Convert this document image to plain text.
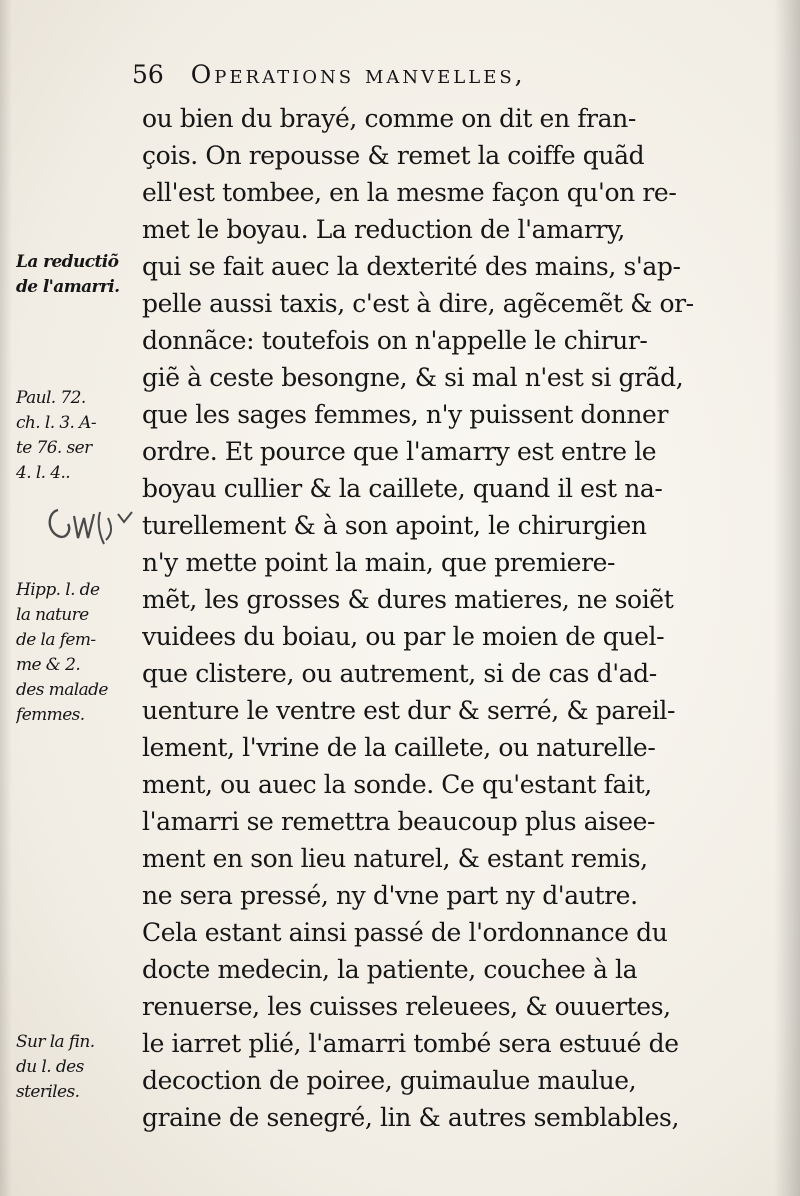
56 Operations manvelles,
ou bien du brayé, comme on dit en fran-
çois. On repousse & remet la coiffe quãd
ell'est tombee, en la mesme façon qu'on re-
met le boyau. La reduction de l'amarry,
qui se fait auec la dexterité des mains, s'ap-
pelle aussi taxis, c'est à dire, agẽcemẽt & or-
donnãce: toutefois on n'appelle le chirur-
giẽ à ceste besongne, & si mal n'est si grãd,
que les sages femmes, n'y puissent donner
ordre. Et pource que l'amarry est entre le
boyau cullier & la caillete, quand il est na-
turellement & à son apoint, le chirurgien
n'y mette point la main, que premiere-
mẽt, les grosses & dures matieres, ne soiẽt
vuidees du boiau, ou par le moien de quel-
que clistere, ou autrement, si de cas d'ad-
uenture le ventre est dur & serré, & pareil-
lement, l'vrine de la caillete, ou naturelle-
ment, ou auec la sonde. Ce qu'estant fait,
l'amarri se remettra beaucoup plus aisee-
ment en son lieu naturel, & estant remis,
ne sera pressé, ny d'vne part ny d'autre.
Cela estant ainsi passé de l'ordonnance du
docte medecin, la patiente, couchee à la
renuerse, les cuisses releuees, & ouuertes,
le iarret plié, l'amarri tombé sera estuué de
decoction de poiree, guimaulue maulue,
graine de senegré, lin & autres semblables,
La reductiõ
de l'amarri.
Paul. 72.
ch. l. 3. A-
te 76. ser
4. l. 4..
Hipp. l. de
la nature
de la fem-
me & 2.
des malade
femmes.
Sur la fin.
du l. des
steriles.
